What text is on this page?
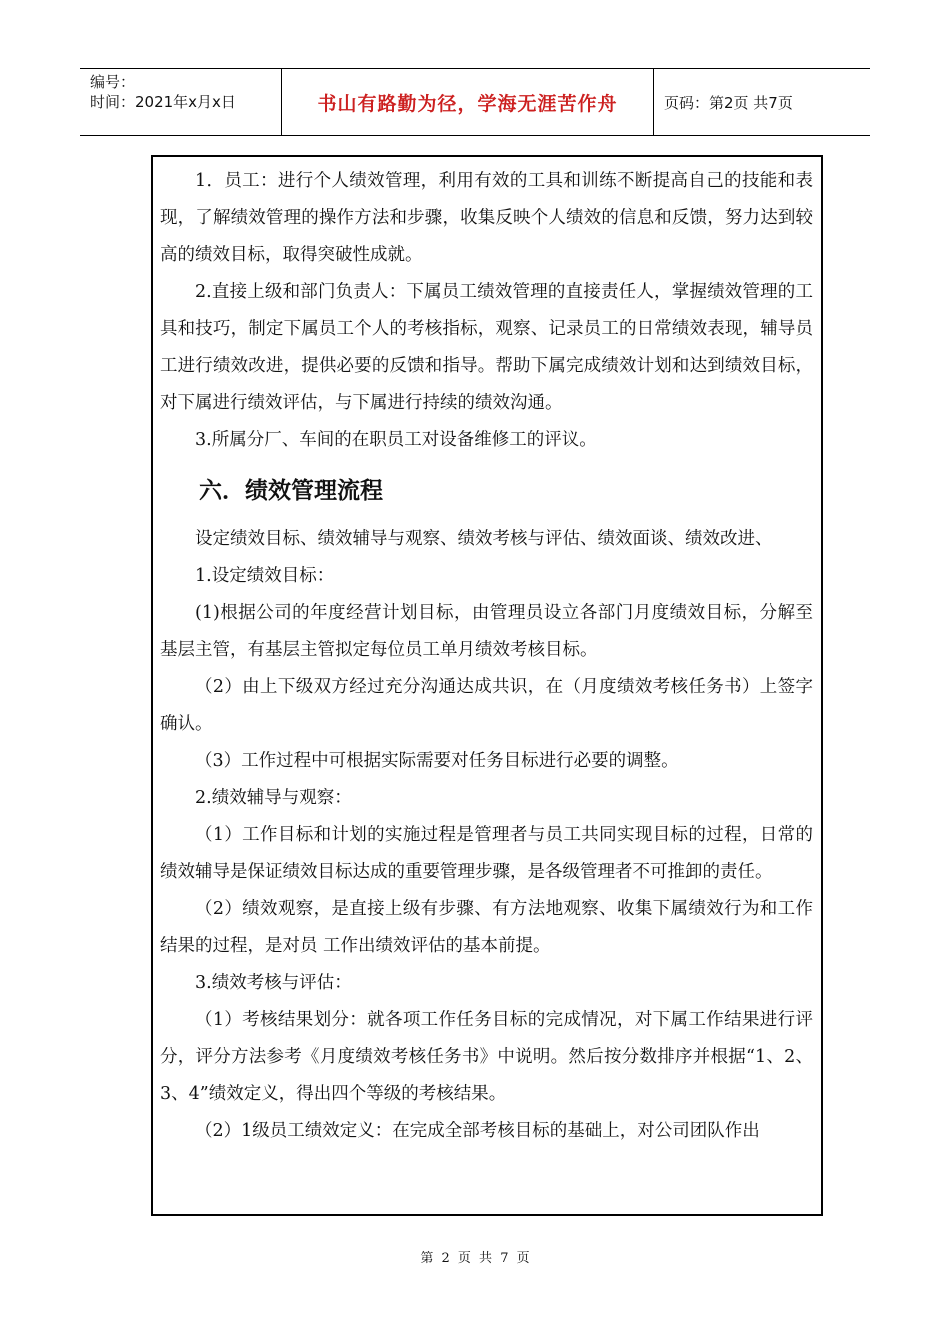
编号：
时间：2021年x月x日	书山有路勤为径，学海无涯苦作舟	页码：第2页 共7页

1．员工：进行个人绩效管理，利用有效的工具和训练不断提高自己的技能和表现，了解绩效管理的操作方法和步骤，收集反映个人绩效的信息和反馈，努力达到较高的绩效目标，取得突破性成就。

2.直接上级和部门负责人：下属员工绩效管理的直接责任人，掌握绩效管理的工具和技巧，制定下属员工个人的考核指标，观察、记录员工的日常绩效表现，辅导员工进行绩效改进，提供必要的反馈和指导。帮助下属完成绩效计划和达到绩效目标，对下属进行绩效评估，与下属进行持续的绩效沟通。

3.所属分厂、车间的在职员工对设备维修工的评议。

六．绩效管理流程

设定绩效目标、绩效辅导与观察、绩效考核与评估、绩效面谈、绩效改进、

1.设定绩效目标：

(1)根据公司的年度经营计划目标，由管理员设立各部门月度绩效目标，分解至基层主管，有基层主管拟定每位员工单月绩效考核目标。

（2）由上下级双方经过充分沟通达成共识，在（月度绩效考核任务书）上签字确认。

（3）工作过程中可根据实际需要对任务目标进行必要的调整。

2.绩效辅导与观察：

（1）工作目标和计划的实施过程是管理者与员工共同实现目标的过程，日常的绩效辅导是保证绩效目标达成的重要管理步骤，是各级管理者不可推卸的责任。

（2）绩效观察，是直接上级有步骤、有方法地观察、收集下属绩效行为和工作结果的过程，是对员 工作出绩效评估的基本前提。

3.绩效考核与评估：

（1）考核结果划分：就各项工作任务目标的完成情况，对下属工作结果进行评分，评分方法参考《月度绩效考核任务书》中说明。然后按分数排序并根据“1、2、3、4”绩效定义，得出四个等级的考核结果。

（2）1级员工绩效定义：在完成全部考核目标的基础上，对公司团队作出

第 2 页 共 7 页
